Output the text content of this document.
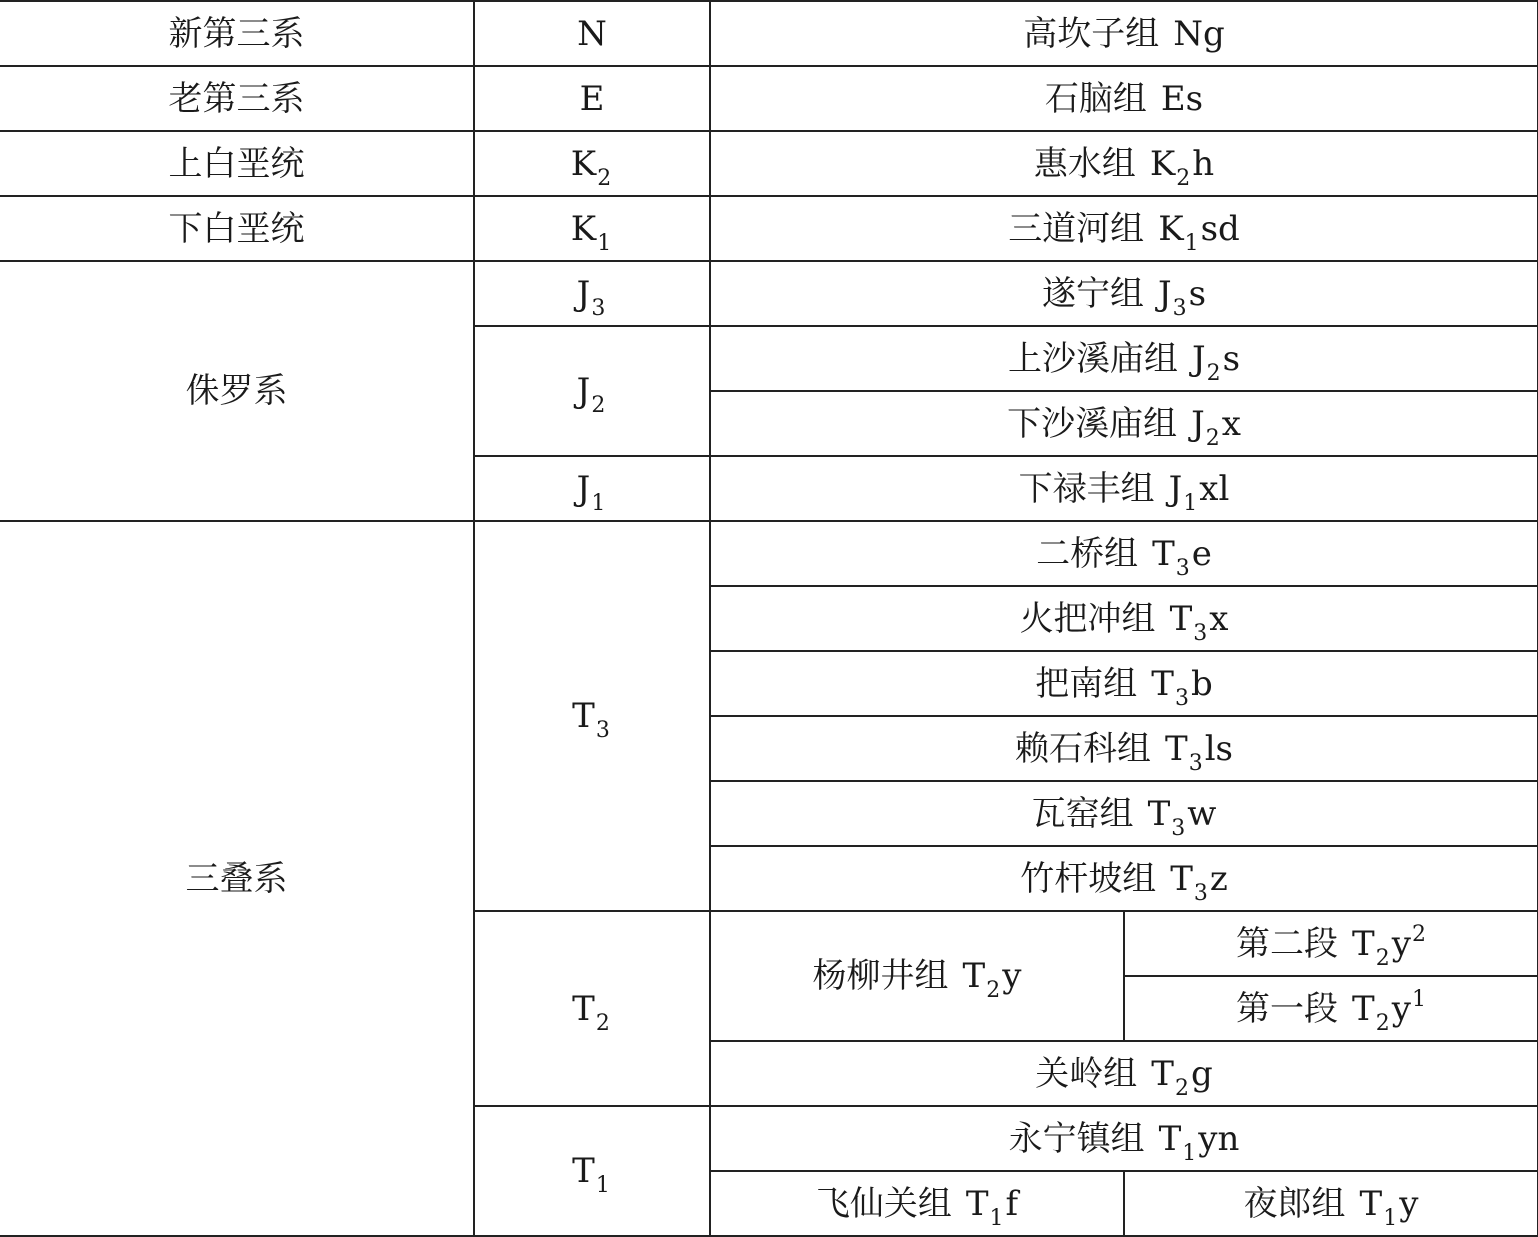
新第三系	N	高坎子组 Ng	
老第三系	E	石脑组 Es	
上白垩统	$K_2$	惠水组 $K_2h$	
下白垩统	$K_1$	三道河组 $K_1sd$	
侏罗系	$J_3$	遂宁组 $J_3s$	
	$J_2$	上沙溪庙组 $J_2s$	
		下沙溪庙组 $J_2x$	
	$J_1$	下禄丰组 $J_1xl$	
三叠系	$T_3$	二桥组 $T_3e$	
		火把冲组 $T_3x$	
		把南组 $T_3b$	
		赖石科组 $T_3ls$	
		瓦窑组 $T_3w$	
		竹杆坡组 $T_3z$	
	$T_2$	杨柳井组 $T_2y$	第二段 $T_2y^2$
			第一段 $T_2y^1$
		关岭组 $T_2g$	
	$T_1$	永宁镇组 $T_1yn$	
		飞仙关组 $T_1f$	夜郎组 $T_1y$
